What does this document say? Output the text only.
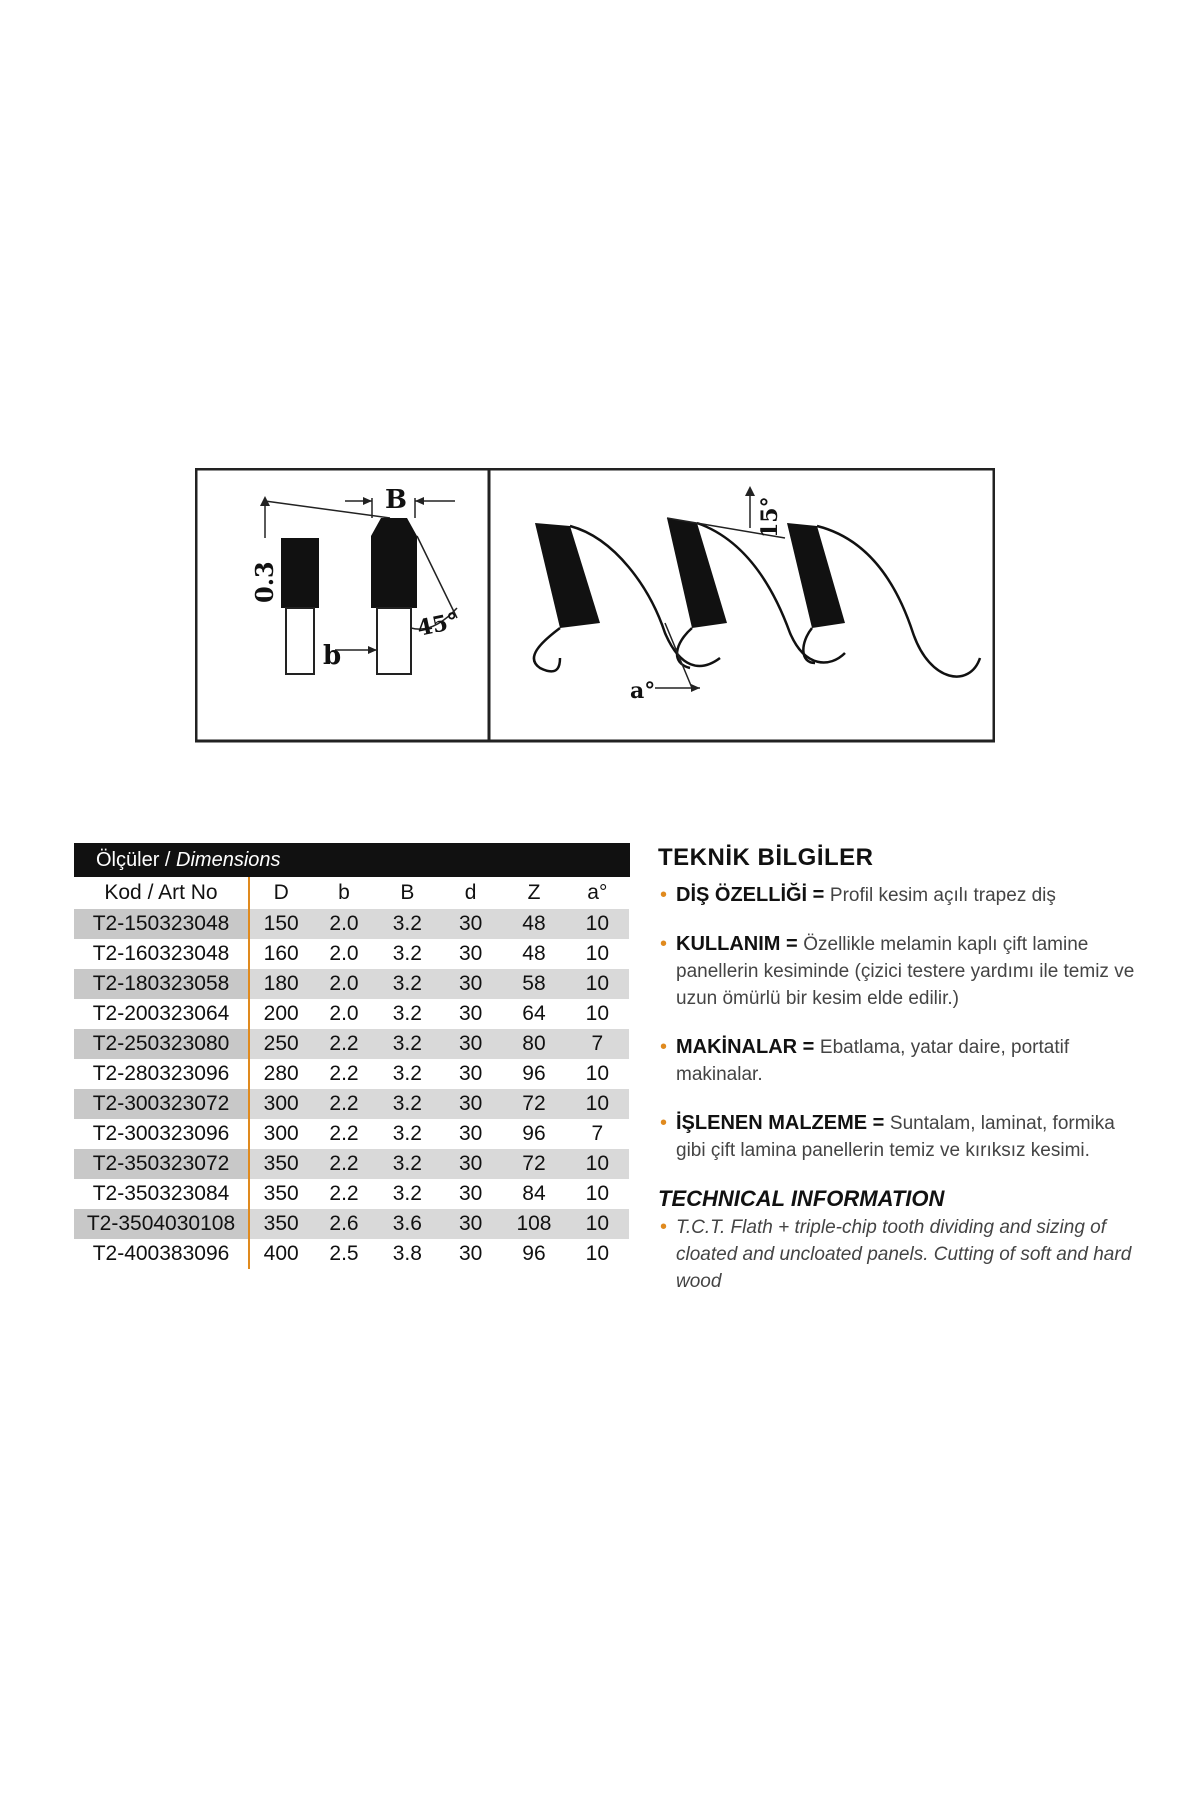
0.3
B
b
45°
15°
a°
Ölçüler / Dimensions
Kod / Art No	D	b	B	d	Z	a°
T2-150323048	150	2.0	3.2	30	48	10
T2-160323048	160	2.0	3.2	30	48	10
T2-180323058	180	2.0	3.2	30	58	10
T2-200323064	200	2.0	3.2	30	64	10
T2-250323080	250	2.2	3.2	30	80	7
T2-280323096	280	2.2	3.2	30	96	10
T2-300323072	300	2.2	3.2	30	72	10
T2-300323096	300	2.2	3.2	30	96	7
T2-350323072	350	2.2	3.2	30	72	10
T2-350323084	350	2.2	3.2	30	84	10
T2-3504030108	350	2.6	3.6	30	108	10
T2-400383096	400	2.5	3.8	30	96	10
TEKNİK BİLGİLER
• DİŞ ÖZELLİĞİ = Profil kesim açılı trapez diş
• KULLANIM = Özellikle melamin kaplı çift lamine panellerin kesiminde (çizici testere yardımı ile temiz ve uzun ömürlü bir kesim elde edilir.)
• MAKİNALAR = Ebatlama, yatar daire, portatif makinalar.
• İŞLENEN MALZEME = Suntalam, laminat, formika gibi çift lamina panellerin temiz ve kırıksız kesimi.
TECHNICAL INFORMATION
• T.C.T. Flath + triple-chip tooth dividing and sizing of cloated and uncloated panels. Cutting of soft and hard wood
